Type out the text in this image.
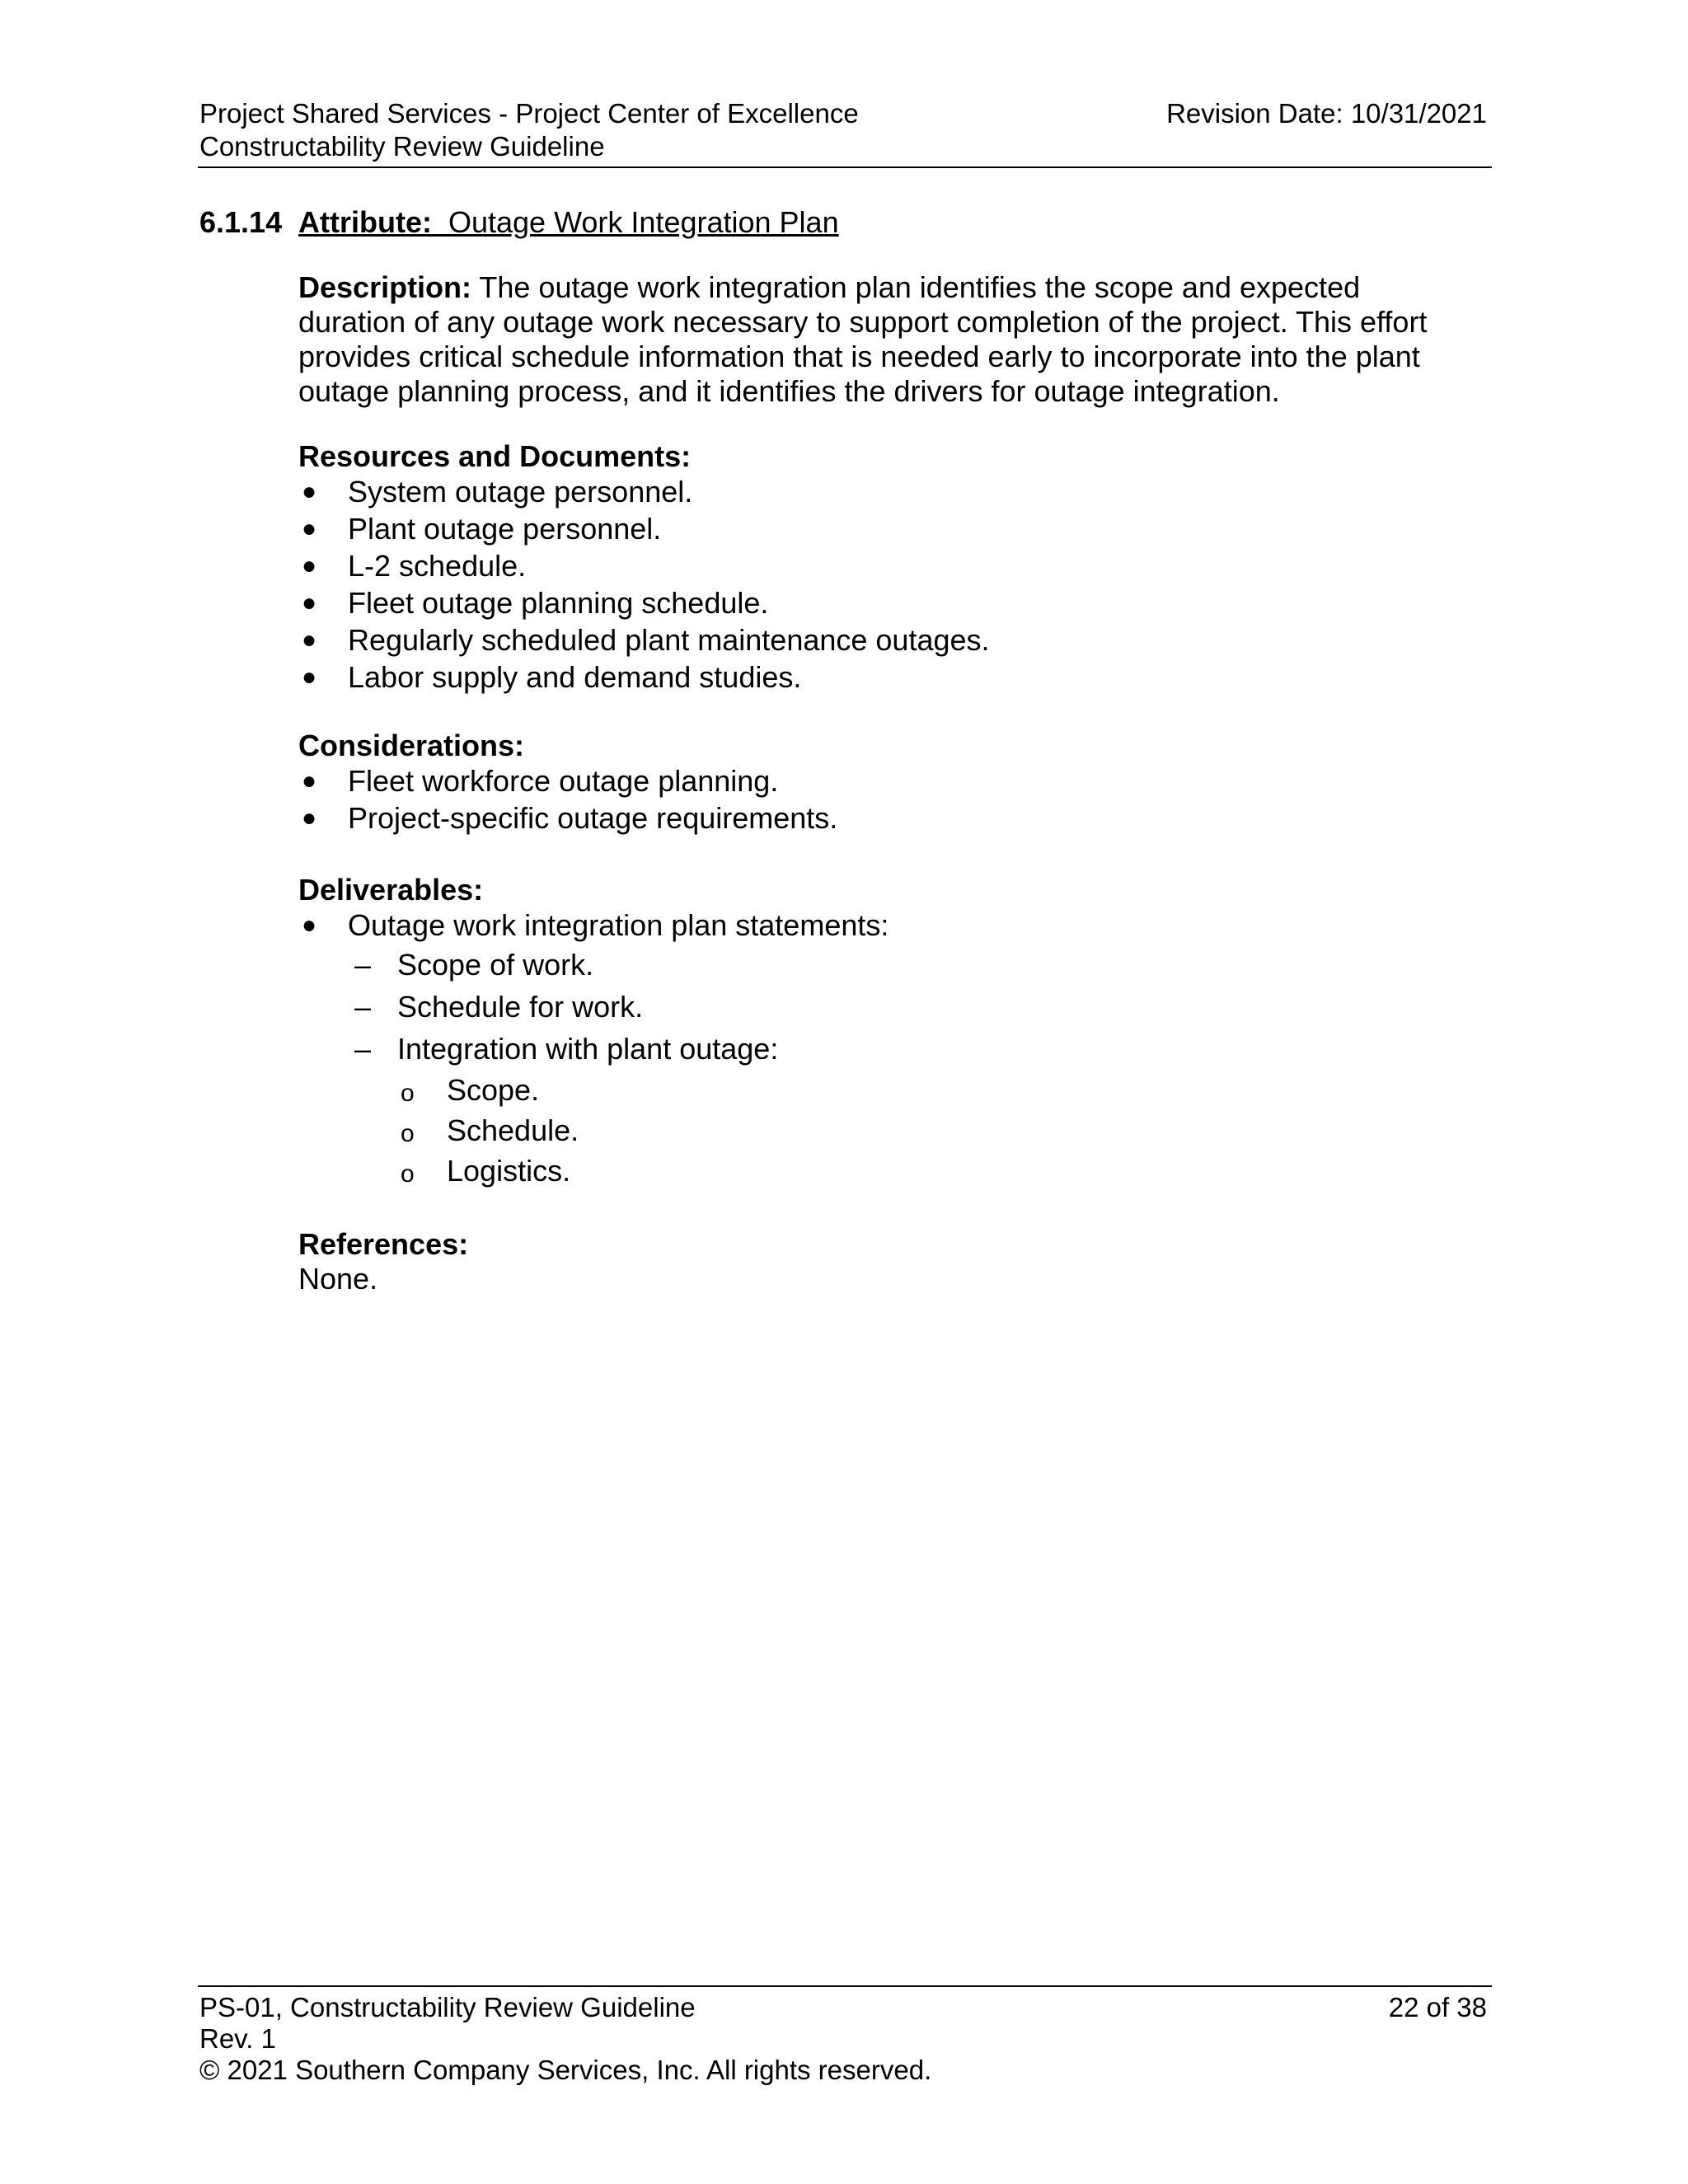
Project Shared Services - Project Center of Excellence
Constructability Review Guideline
Revision Date: 10/31/2021
6.1.14 Attribute: Outage Work Integration Plan
Description: The outage work integration plan identifies the scope and expected duration of any outage work necessary to support completion of the project. This effort provides critical schedule information that is needed early to incorporate into the plant outage planning process, and it identifies the drivers for outage integration.
Resources and Documents:
● System outage personnel.
● Plant outage personnel.
● L-2 schedule.
● Fleet outage planning schedule.
● Regularly scheduled plant maintenance outages.
● Labor supply and demand studies.
Considerations:
● Fleet workforce outage planning.
● Project-specific outage requirements.
Deliverables:
● Outage work integration plan statements:
– Scope of work.
– Schedule for work.
– Integration with plant outage:
o Scope.
o Schedule.
o Logistics.
References:
None.
PS-01, Constructability Review Guideline
Rev. 1
© 2021 Southern Company Services, Inc. All rights reserved.
22 of 38
